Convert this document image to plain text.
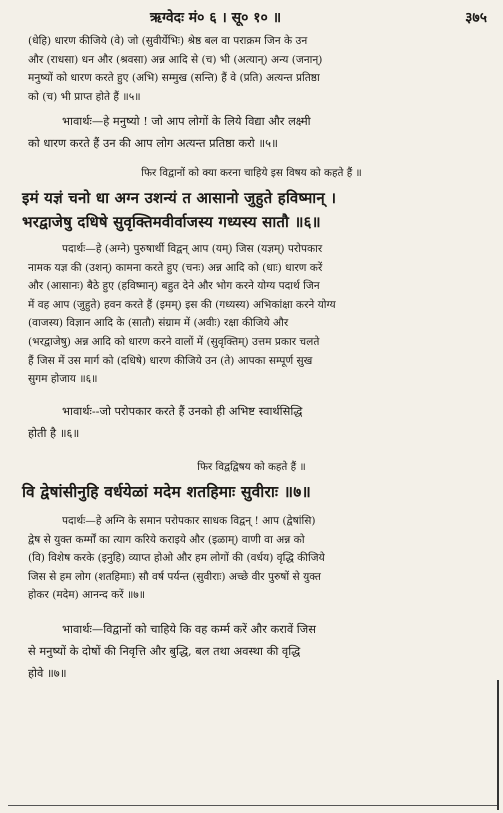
ऋग्वेदः मं० ६ । सू० १० ॥	३७५

(धेहि) धारण कीजिये (वे) जो (सुवीर्येभिः) श्रेष्ठ बल वा पराक्रम जिन के उन

और (राधसा) धन और (श्रवसा) अन्न आदि से (च) भी (अत्यान्) अन्य (जनान्)

मनुष्यों को धारण करते हुए (अभि) सम्मुख (सन्ति) हैं वे (प्रति) अत्यन्त प्रतिष्ठा

को (च) भी प्राप्त होते हैं ॥५॥

भावार्थः—हे मनुष्यो ! जो आप लोगों के लिये विद्या और लक्ष्मी

को धारण करते हैं उन की आप लोग अत्यन्त प्रतिष्ठा करो ॥५॥

फिर विद्वानों को क्या करना चाहिये इस विषय को कहते हैं ॥
इमं यज्ञं चनो धा अग्न उशन्यं त आसानो जुहुते हविष्मान् ।
भरद्वाजेषु दधिषे सुवृक्तिमवीर्वाजस्य गध्यस्य सातौ ॥६॥

पदार्थः—हे (अग्ने) पुरुषार्थी विद्वन् आप (यम्) जिस (यज्ञम्) परोपकार

नामक यज्ञ की (उशन्) कामना करते हुए (चनः) अन्न आदि को (धाः) धारण करें

और (आसानः) बैठे हुए (हविष्मान्) बहुत देने और भोग करने योग्य पदार्थ जिन

में वह आप (जुहुते) हवन करते हैं (इमम्) इस की (गध्यस्य) अभिकांक्षा करने योग्य

(वाजस्य) विज्ञान आदि के (सातौ) संग्राम में (अवीः) रक्षा कीजिये और

(भरद्वाजेषु) अन्न आदि को धारण करने वालों में (सुवृक्तिम्) उत्तम प्रकार चलते

हैं जिस में उस मार्ग को (दधिषे) धारण कीजिये उन (ते) आपका सम्पूर्ण सुख

सुगम होजाय ॥६॥

भावार्थः--जो परोपकार करते हैं उनको ही अभिष्ट स्वार्थसिद्धि

होती है ॥६॥

फिर विद्वद्विषय को कहते हैं ॥
वि द्वेषांसीनुहि वर्धयेळां मदेम शतहिमाः सुवीराः ॥७॥

पदार्थः—हे अग्नि के समान परोपकार साधक विद्वन् ! आप (द्वेषांसि)

द्वेष से युक्त कर्म्मों का त्याग करिये कराइये और (इळाम्) वाणी वा अन्न को

(वि) विशेष करके (इनुहि) व्याप्त होओ और हम लोगों की (वर्धय) वृद्धि कीजिये

जिस से हम लोग (शतहिमाः) सौ वर्ष पर्यन्त (सुवीराः) अच्छे वीर पुरुषों से युक्त

होकर (मदेम) आनन्द करें ॥७॥

भावार्थः—विद्वानों को चाहिये कि वह कर्म्म करें और करावें जिस

से मनुष्यों के दोषों की निवृत्ति और बुद्धि, बल तथा अवस्था की वृद्धि

होवे ॥७॥
